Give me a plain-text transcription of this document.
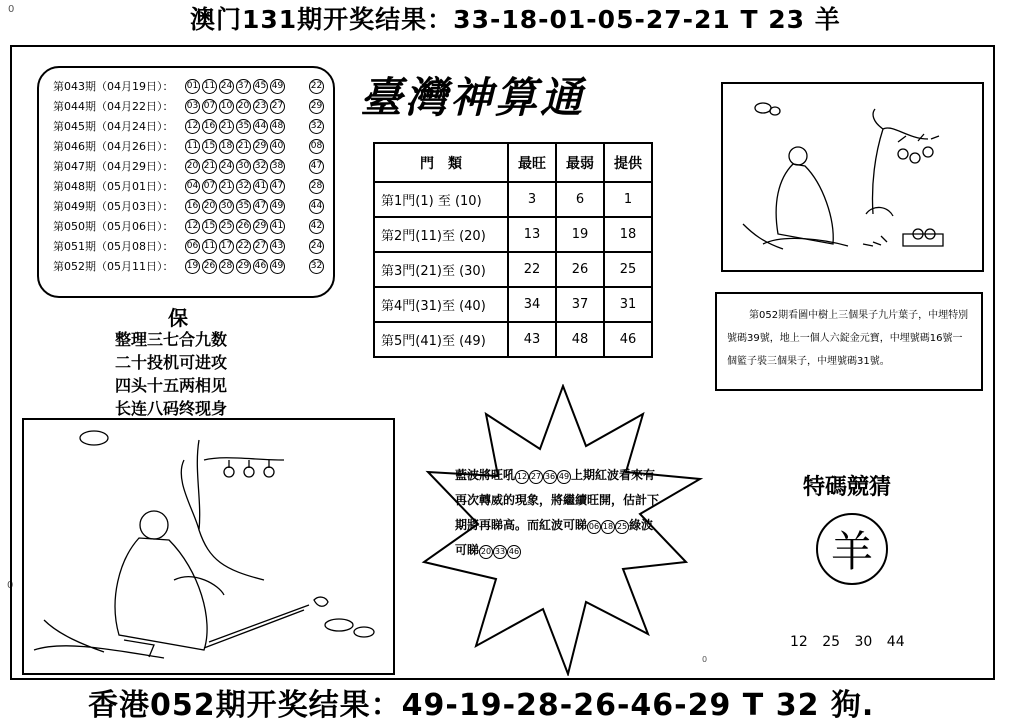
澳门131期开奖结果：33-18-01-05-27-21 T 23 羊
0
0
0
第043期（04月19日）：	01 11 24 37 45 49	22
第044期（04月22日）：	03 07 10 20 23 27	29
第045期（04月24日）：	12 16 21 35 44 48	32
第046期（04月26日）：	11 15 18 21 29 40	08
第047期（04月29日）：	20 21 24 30 32 38	47
第048期（05月01日）：	04 07 21 32 41 47	28
第049期（05月03日）：	16 20 30 35 47 49	44
第050期（05月06日）：	12 15 25 26 29 41	42
第051期（05月08日）：	06 11 17 22 27 43	24
第052期（05月11日）：	19 26 28 29 46 49	32
臺灣神算通
門　類	最旺	最弱	提供
第1門(1) 至 (10)	3	6	1
第2門(11)至 (20)	13	19	18
第3門(21)至 (30)	22	26	25
第4門(31)至 (40)	34	37	31
第5門(41)至 (49)	43	48	46
保
整理三七合九数
二十投机可进攻
四头十五两相见
长连八码终现身
第052期看圖中樹上三個果子九片葉子，中埋特別號碼39號，地上一個人六錠金元寶，中埋號碼16號一個籃子裝三個果子，中埋號碼31號。
藍波將旺吼 12 27 36 49 上期紅波看來有再次轉威的現象，將繼續旺開，估計下期將再睇高。而紅波可睇 06 18 25 綠波可睇 20 33 46
特碼競猜
羊
12 25 30 44
香港052期开奖结果：49-19-28-26-46-29 T 32 狗.
